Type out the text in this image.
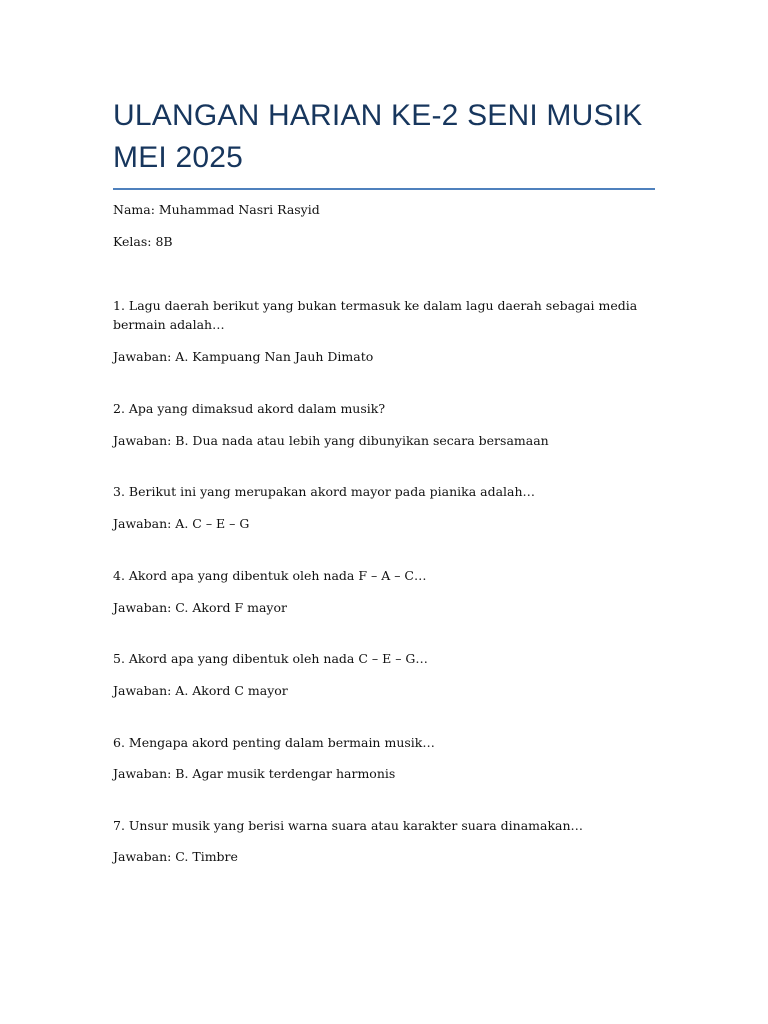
ULANGAN HARIAN KE-2 SENI MUSIK
MEI 2025

Nama: Muhammad Nasri Rasyid

Kelas: 8B

1. Lagu daerah berikut yang bukan termasuk ke dalam lagu daerah sebagai media bermain adalah…

Jawaban: A. Kampuang Nan Jauh Dimato

2. Apa yang dimaksud akord dalam musik?

Jawaban: B. Dua nada atau lebih yang dibunyikan secara bersamaan

3. Berikut ini yang merupakan akord mayor pada pianika adalah…

Jawaban: A. C – E – G

4. Akord apa yang dibentuk oleh nada F – A – C…

Jawaban: C. Akord F mayor

5. Akord apa yang dibentuk oleh nada C – E – G…

Jawaban: A. Akord C mayor

6. Mengapa akord penting dalam bermain musik…

Jawaban: B. Agar musik terdengar harmonis

7. Unsur musik yang berisi warna suara atau karakter suara dinamakan…

Jawaban: C. Timbre
